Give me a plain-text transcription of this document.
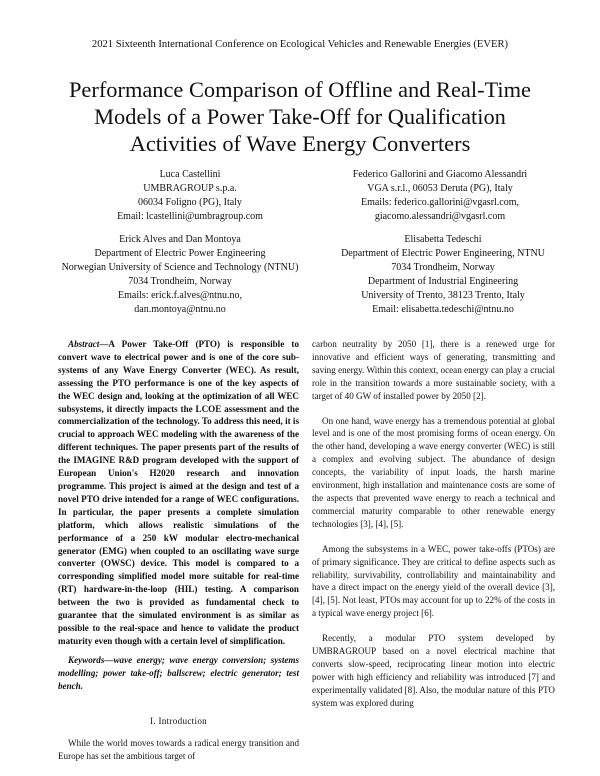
2021 Sixteenth International Conference on Ecological Vehicles and Renewable Energies (EVER)
Performance Comparison of Offline and Real-Time
Models of a Power Take-Off for Qualification
Activities of Wave Energy Converters
Luca Castellini
UMBRAGROUP s.p.a.
06034 Foligno (PG), Italy
Email: lcastellini@umbragroup.com
Federico Gallorini and Giacomo Alessandri
VGA s.r.l., 06053 Deruta (PG), Italy
Emails: federico.gallorini@vgasrl.com,
giacomo.alessandri@vgasrl.com
Erick Alves and Dan Montoya
Department of Electric Power Engineering
Norwegian University of Science and Technology (NTNU)
7034 Trondheim, Norway
Emails: erick.f.alves@ntnu.no,
dan.montoya@ntnu.no
Elisabetta Tedeschi
Department of Electric Power Engineering, NTNU
7034 Trondheim, Norway
Department of Industrial Engineering
University of Trento, 38123 Trento, Italy
Email: elisabetta.tedeschi@ntnu.no

Abstract—A Power Take-Off (PTO) is responsible to convert wave to electrical power and is one of the core sub-systems of any Wave Energy Converter (WEC). As result, assessing the PTO performance is one of the key aspects of the WEC design and, looking at the optimization of all WEC subsystems, it directly impacts the LCOE assessment and the commercialization of the technology. To address this need, it is crucial to approach WEC modeling with the awareness of the different techniques. The paper presents part of the results of the IMAGINE R&D program developed with the support of European Union's H2020 research and innovation programme. This project is aimed at the design and test of a novel PTO drive intended for a range of WEC configurations. In particular, the paper presents a complete simulation platform, which allows realistic simulations of the performance of a 250 kW modular electro-mechanical generator (EMG) when coupled to an oscillating wave surge converter (OWSC) device. This model is compared to a corresponding simplified model more suitable for real-time (RT) hardware-in-the-loop (HIL) testing. A comparison between the two is provided as fundamental check to guarantee that the simulated environment is as similar as possible to the real-space and hence to validate the product maturity even though with a certain level of simplification.

Keywords—wave energy; wave energy conversion; systems modelling; power take-off; ballscrew; electric generator; test bench.

I. Introduction

While the world moves towards a radical energy transition and Europe has set the ambitious target of

carbon neutrality by 2050 [1], there is a renewed urge for innovative and efficient ways of generating, transmitting and saving energy. Within this context, ocean energy can play a crucial role in the transition towards a more sustainable society, with a target of 40 GW of installed power by 2050 [2].

On one hand, wave energy has a tremendous potential at global level and is one of the most promising forms of ocean energy. On the other hand, developing a wave energy converter (WEC) is still a complex and evolving subject. The abundance of design concepts, the variability of input loads, the harsh marine environment, high installation and maintenance costs are some of the aspects that prevented wave energy to reach a technical and commercial maturity comparable to other renewable energy technologies [3], [4], [5].

Among the subsystems in a WEC, power take-offs (PTOs) are of primary significance. They are critical to define aspects such as reliability, survivability, controllability and maintainability and have a direct impact on the energy yield of the overall device [3], [4], [5]. Not least, PTOs may account for up to 22% of the costs in a typical wave energy project [6].

Recently, a modular PTO system developed by UMBRAGROUP based on a novel electrical machine that converts slow-speed, reciprocating linear motion into electric power with high efficiency and reliability was introduced [7] and experimentally validated [8]. Also, the modular nature of this PTO system was explored during
